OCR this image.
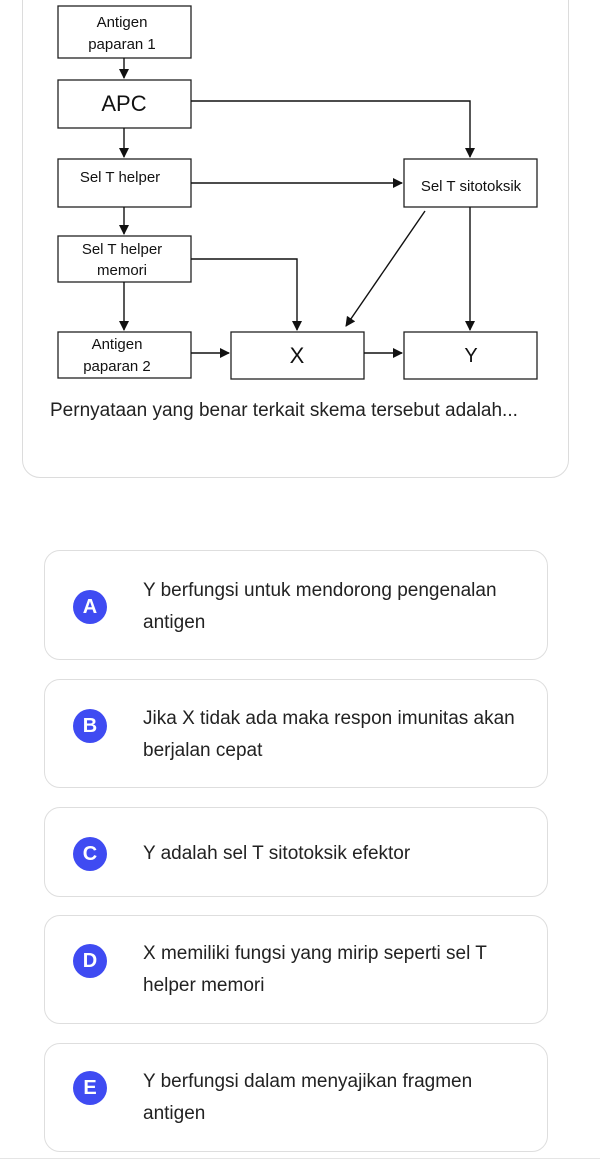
Antigen
paparan 1
APC
Sel T helper
Sel T helper
memori
Antigen
paparan 2	X
Sel T sitotoksik
Y
Pernyataan yang benar terkait skema tersebut adalah...
A
Y berfungsi untuk mendorong pengenalan antigen
B	Jika X tidak ada maka respon imunitas akan berjalan cepat
C	Y adalah sel T sitotoksik efektor
D	X memiliki fungsi yang mirip seperti sel T helper memori
E	Y berfungsi dalam menyajikan fragmen antigen
